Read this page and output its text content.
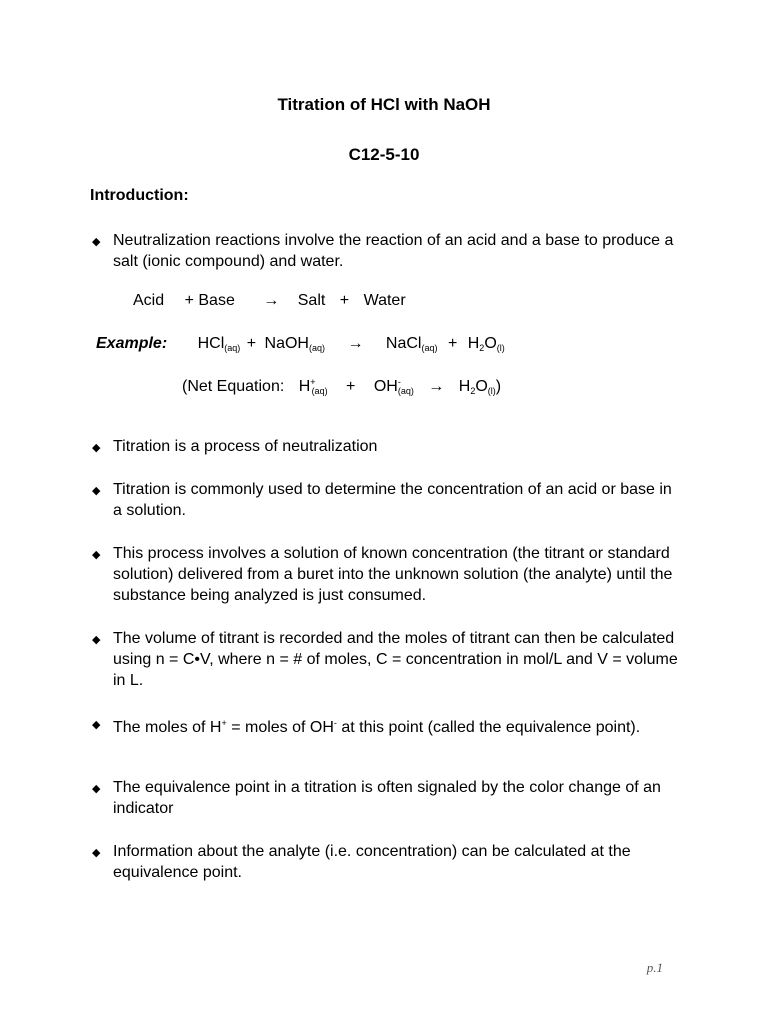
Titration of HCl with NaOH
C12-5-10
Introduction:
◆ Neutralization reactions involve the reaction of an acid and a base to produce a salt (ionic compound) and water.
Acid + Base → Salt + Water
Example: HCl$_{(aq)}$ + NaOH$_{(aq)}$ → NaCl$_{(aq)}$ + $H_2O_{(l)}$
(Net Equation: $H^+_{(aq)} + OH^-_{(aq)} \to H_2O_{(l)}$)
◆ Titration is a process of neutralization
◆ Titration is commonly used to determine the concentration of an acid or base in a solution.
◆ This process involves a solution of known concentration (the titrant or standard solution) delivered from a buret into the unknown solution (the analyte) until the substance being analyzed is just consumed.
◆ The volume of titrant is recorded and the moles of titrant can then be calculated using n = C•V, where n = # of moles, C = concentration in mol/L and V = volume in L.
◆ The moles of H+ = moles of OH- at this point (called the equivalence point).
◆ The equivalence point in a titration is often signaled by the color change of an indicator
◆ Information about the analyte (i.e. concentration) can be calculated at the equivalence point.
p.1
